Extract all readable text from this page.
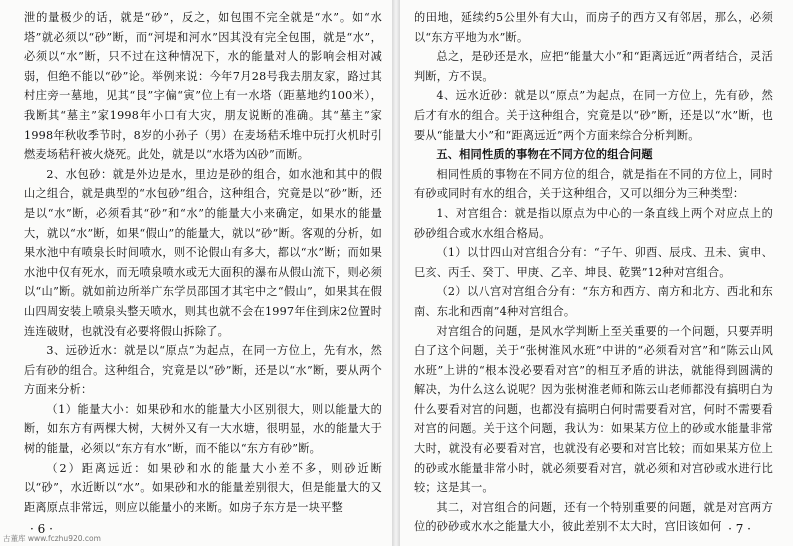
泄的量极少的话，就是“砂”，反之，如包围不完全就是“水”。如“水塔”就必须以“砂”断，而“河堤和河水”因其没有完全包围，就是“水”，必须以“水”断，只不过在这种情况下，水的能量对人的影响会相对减弱，但绝不能以“砂”论。举例来说：今年7月28号我去朋友家，路过其村庄旁一墓地，见其“艮”字偏“寅”位上有一水塔（距墓地约100米），我断其“墓主”家1998年小口有大灾，朋友说断的准确。其“墓主”家1998年秋收季节时，8岁的小孙子（男）在麦场秸禾堆中玩打火机时引燃麦场秸秆被火烧死。此处，就是以“水塔为凶砂”而断。

2、水包砂：就是外边是水，里边是砂的组合，如水池和其中的假山之组合，就是典型的“水包砂”组合，这种组合，究竟是以“砂”断，还是以“水”断，必须看其“砂”和“水”的能量大小来确定，如果水的能量大，就以“水”断，如果“假山”的能量大，就以“砂”断。客观的分析，如果水池中有喷泉长时间喷水，则不论假山有多大，都以“水”断；而如果水池中仅有死水，而无喷泉喷水或无大面积的瀑布从假山流下，则必须以“山”断。就如前边所举广东学员邵国才其宅中之“假山”，如果其在假山四周安装上喷泉头整天喷水，则其也就不会在1997年住到床2位置时连连破财，也就没有必要将假山拆除了。

3、远砂近水：就是以“原点”为起点，在同一方位上，先有水，然后有砂的组合。这种组合，究竟是以“砂”断，还是以“水”断，要从两个方面来分析：

（1）能量大小：如果砂和水的能量大小区别很大，则以能量大的断，如东方有两棵大树，大树外又有一大水塘，很明显，水的能量大于树的能量，必须以“东方有水”断，而不能以“东方有砂”断。

（2）距离远近：如果砂和水的能量大小差不多，则砂近断以“砂”，水近断以“水”。如果砂和水的能量差别很大，但是能量大的又距离原点非常远，则应以能量小的来断。如房子东方是一块平整

· 6 ·

的田地，延续约5公里外有大山，而房子的西方又有邻居，那么，必须以“东方平地为水”断。

总之，是砂还是水，应把“能量大小”和“距离远近”两者结合，灵活判断，方不误。

4、远水近砂：就是以“原点”为起点，在同一方位上，先有砂，然后才有水的组合。关于这种组合，究竟是以“砂”断，还是以“水”断，也要从“能量大小”和“距离远近”两个方面来综合分析判断。

五、相同性质的事物在不同方位的组合问题

相同性质的事物在不同方位的组合，就是指在不同的方位上，同时有砂或同时有水的组合，关于这种组合，又可以细分为三种类型：

1、对宫组合：就是指以原点为中心的一条直线上两个对应点上的砂砂组合或水水组合格局。

（1）以廿四山对宫组合分有：“子午、卯酉、辰戌、丑未、寅申、巳亥、丙壬、癸丁、甲庚、乙辛、坤艮、乾巽”12种对宫组合。

（2）以八宫对宫组合分有：“东方和西方、南方和北方、西北和东南、东北和西南”4种对宫组合。

对宫组合的问题，是风水学判断上至关重要的一个问题，只要弄明白了这个问题，关于“张树淮风水班”中讲的“必须看对宫”和“陈云山风水班”上讲的“根本没必要看对宫”的相互矛盾的讲法，就能得到圆满的解决，为什么这么说呢？因为张树淮老师和陈云山老师都没有搞明白为什么要看对宫的问题，也都没有搞明白何时需要看对宫，何时不需要看对宫的问题。关于这个问题，我认为：如果某方位上的砂或水能量非常大时，就没有必要看对宫，也就没有必要和对宫比较；而如果某方位上的砂或水能量非常小时，就必须要看对宫，就必须和对宫砂或水进行比较；这是其一。

其二，对宫组合的问题，还有一个特别重要的问题，就是对宫两方位的砂砂或水水之能量大小，彼此差别不太大时，宫旧该如何 · 7 ·
古董库 www.fczhu920.com
